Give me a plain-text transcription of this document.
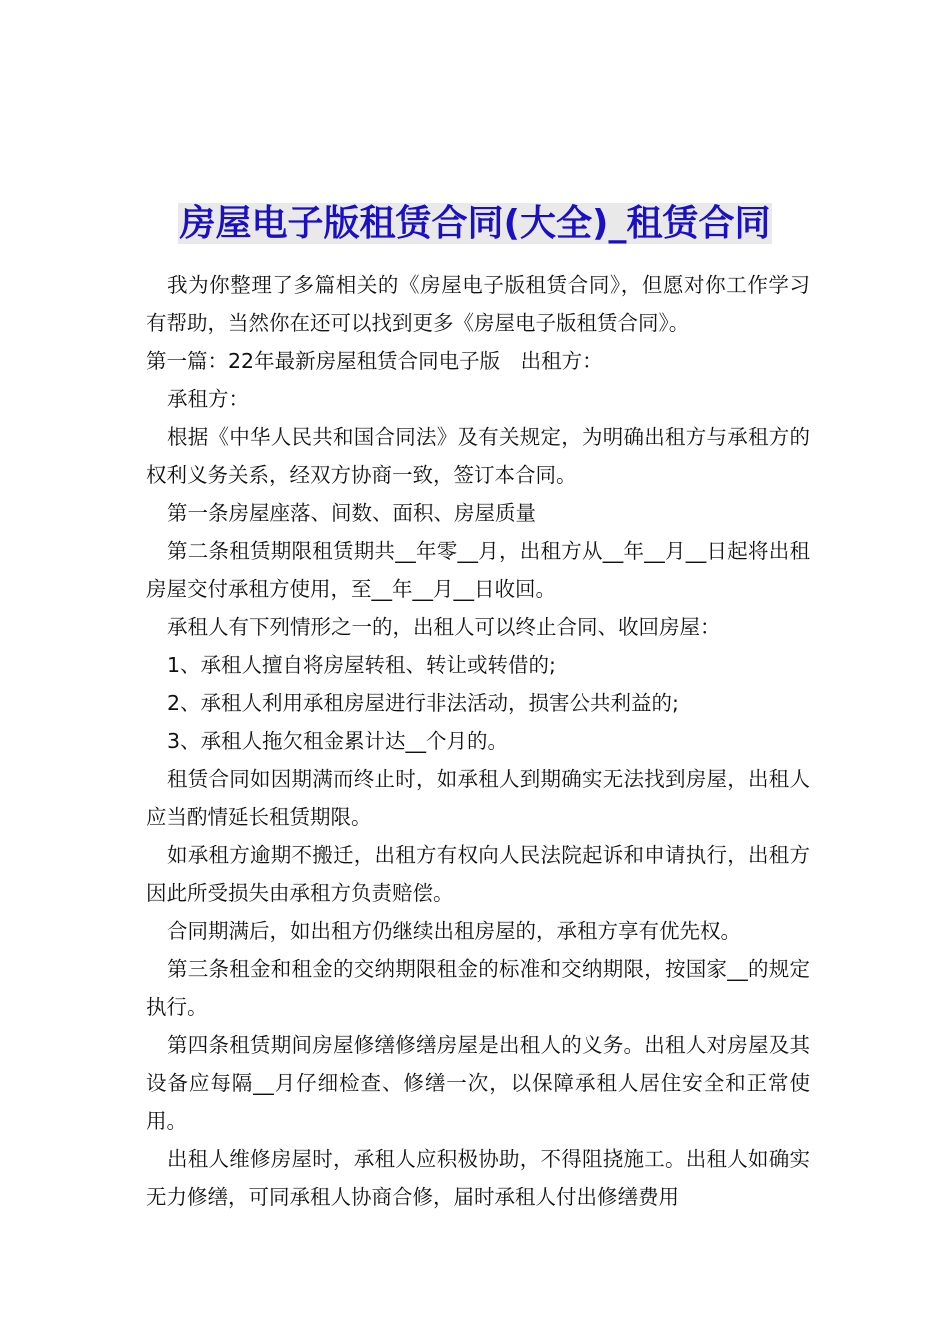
房屋电子版租赁合同(大全)_租赁合同

我为你整理了多篇相关的《房屋电子版租赁合同》，但愿对你工作学习有帮助，当然你在还可以找到更多《房屋电子版租赁合同》。

第一篇：22年最新房屋租赁合同电子版　出租方：

承租方：

根据《中华人民共和国合同法》及有关规定，为明确出租方与承租方的权利义务关系，经双方协商一致，签订本合同。

第一条房屋座落、间数、面积、房屋质量

第二条租赁期限租赁期共__年零__月，出租方从__年__月__日起将出租房屋交付承租方使用，至__年__月__日收回。

承租人有下列情形之一的，出租人可以终止合同、收回房屋：

1、承租人擅自将房屋转租、转让或转借的;

2、承租人利用承租房屋进行非法活动，损害公共利益的;

3、承租人拖欠租金累计达__个月的。

租赁合同如因期满而终止时，如承租人到期确实无法找到房屋，出租人应当酌情延长租赁期限。

如承租方逾期不搬迁，出租方有权向人民法院起诉和申请执行，出租方因此所受损失由承租方负责赔偿。

合同期满后，如出租方仍继续出租房屋的，承租方享有优先权。

第三条租金和租金的交纳期限租金的标准和交纳期限，按国家__的规定执行。

第四条租赁期间房屋修缮修缮房屋是出租人的义务。出租人对房屋及其设备应每隔__月仔细检查、修缮一次，以保障承租人居住安全和正常使用。

出租人维修房屋时，承租人应积极协助，不得阻挠施工。出租人如确实无力修缮，可同承租人协商合修，届时承租人付出修缮费用
